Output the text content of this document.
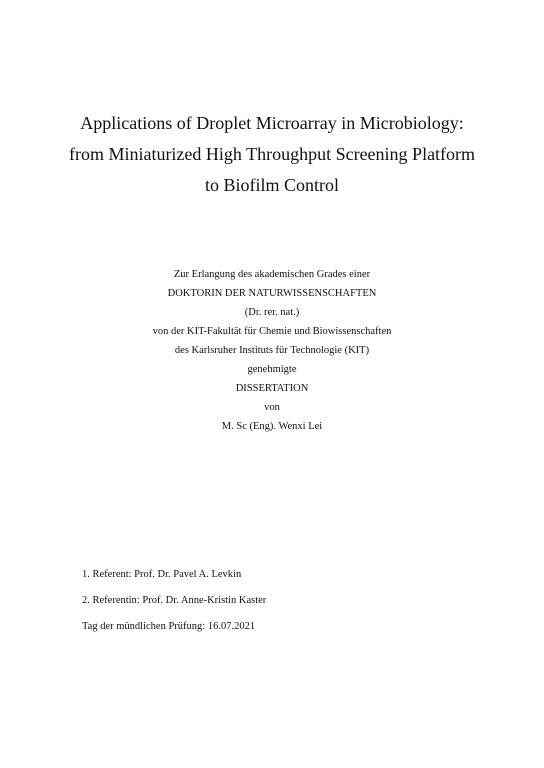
Applications of Droplet Microarray in Microbiology:
from Miniaturized High Throughput Screening Platform
to Biofilm Control
Zur Erlangung des akademischen Grades einer
DOKTORIN DER NATURWISSENSCHAFTEN
(Dr. rer. nat.)
von der KIT-Fakultät für Chemie und Biowissenschaften
des Karlsruher Instituts für Technologie (KIT)
genehmigte
DISSERTATION
von
M. Sc (Eng). Wenxi Lei
1. Referent: Prof. Dr. Pavel A. Levkin
2. Referentin: Prof. Dr. Anne-Kristin Kaster
Tag der mündlichen Prüfung: 16.07.2021
